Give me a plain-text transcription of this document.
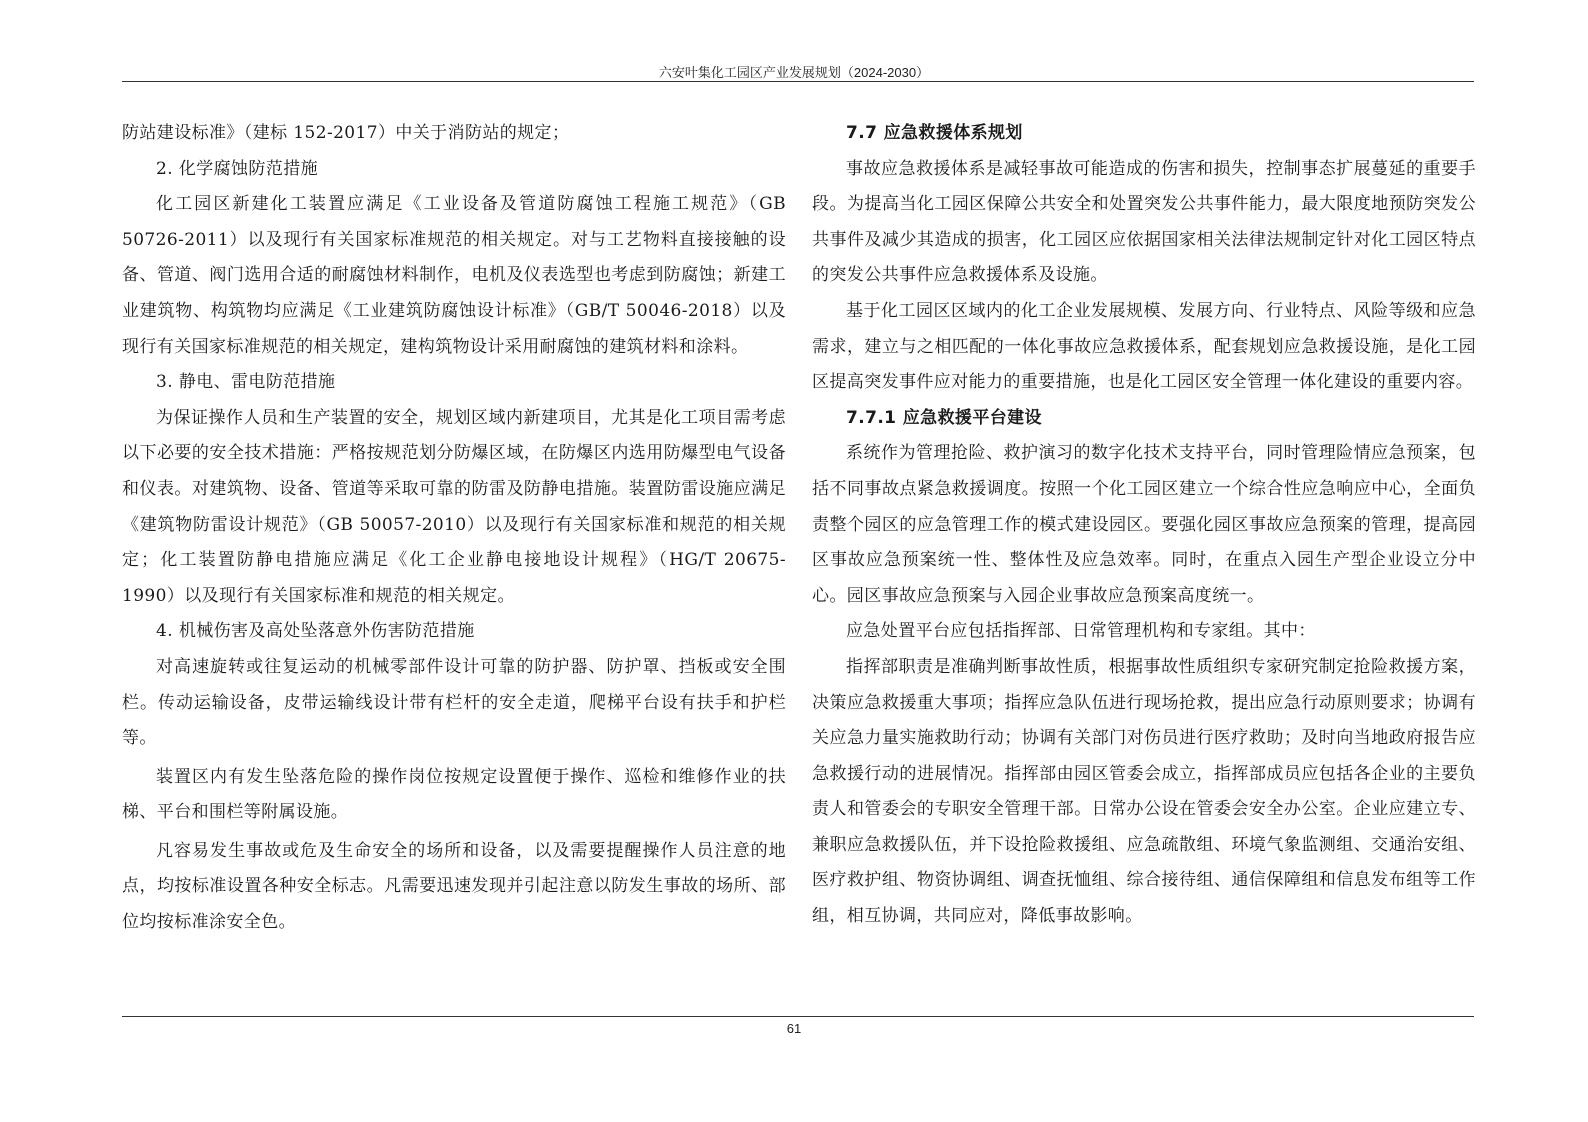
六安叶集化工园区产业发展规划（2024-2030）

防站建设标准》（建标 152-2017）中关于消防站的规定；

2. 化学腐蚀防范措施

化工园区新建化工装置应满足《工业设备及管道防腐蚀工程施工规范》（GB 50726-2011）以及现行有关国家标准规范的相关规定。对与工艺物料直接接触的设备、管道、阀门选用合适的耐腐蚀材料制作，电机及仪表选型也考虑到防腐蚀；新建工业建筑物、构筑物均应满足《工业建筑防腐蚀设计标准》（GB/T 50046-2018）以及现行有关国家标准规范的相关规定，建构筑物设计采用耐腐蚀的建筑材料和涂料。

3. 静电、雷电防范措施

为保证操作人员和生产装置的安全，规划区域内新建项目，尤其是化工项目需考虑以下必要的安全技术措施：严格按规范划分防爆区域，在防爆区内选用防爆型电气设备和仪表。对建筑物、设备、管道等采取可靠的防雷及防静电措施。装置防雷设施应满足《建筑物防雷设计规范》（GB 50057-2010）以及现行有关国家标准和规范的相关规定；化工装置防静电措施应满足《化工企业静电接地设计规程》（HG/T 20675-1990）以及现行有关国家标准和规范的相关规定。

4. 机械伤害及高处坠落意外伤害防范措施

对高速旋转或往复运动的机械零部件设计可靠的防护器、防护罩、挡板或安全围栏。传动运输设备，皮带运输线设计带有栏杆的安全走道，爬梯平台设有扶手和护栏等。

装置区内有发生坠落危险的操作岗位按规定设置便于操作、巡检和维修作业的扶梯、平台和围栏等附属设施。

凡容易发生事故或危及生命安全的场所和设备，以及需要提醒操作人员注意的地点，均按标准设置各种安全标志。凡需要迅速发现并引起注意以防发生事故的场所、部位均按标准涂安全色。

7.7 应急救援体系规划

事故应急救援体系是减轻事故可能造成的伤害和损失，控制事态扩展蔓延的重要手段。为提高当化工园区保障公共安全和处置突发公共事件能力，最大限度地预防突发公共事件及减少其造成的损害，化工园区应依据国家相关法律法规制定针对化工园区特点的突发公共事件应急救援体系及设施。

基于化工园区区域内的化工企业发展规模、发展方向、行业特点、风险等级和应急需求，建立与之相匹配的一体化事故应急救援体系，配套规划应急救援设施，是化工园区提高突发事件应对能力的重要措施，也是化工园区安全管理一体化建设的重要内容。

7.7.1 应急救援平台建设

系统作为管理抢险、救护演习的数字化技术支持平台，同时管理险情应急预案，包括不同事故点紧急救援调度。按照一个化工园区建立一个综合性应急响应中心，全面负责整个园区的应急管理工作的模式建设园区。要强化园区事故应急预案的管理，提高园区事故应急预案统一性、整体性及应急效率。同时，在重点入园生产型企业设立分中心。园区事故应急预案与入园企业事故应急预案高度统一。

应急处置平台应包括指挥部、日常管理机构和专家组。其中：

指挥部职责是准确判断事故性质，根据事故性质组织专家研究制定抢险救援方案，决策应急救援重大事项；指挥应急队伍进行现场抢救，提出应急行动原则要求；协调有关应急力量实施救助行动；协调有关部门对伤员进行医疗救助；及时向当地政府报告应急救援行动的进展情况。指挥部由园区管委会成立，指挥部成员应包括各企业的主要负责人和管委会的专职安全管理干部。日常办公设在管委会安全办公室。企业应建立专、兼职应急救援队伍，并下设抢险救援组、应急疏散组、环境气象监测组、交通治安组、医疗救护组、物资协调组、调查抚恤组、综合接待组、通信保障组和信息发布组等工作组，相互协调，共同应对，降低事故影响。

61
